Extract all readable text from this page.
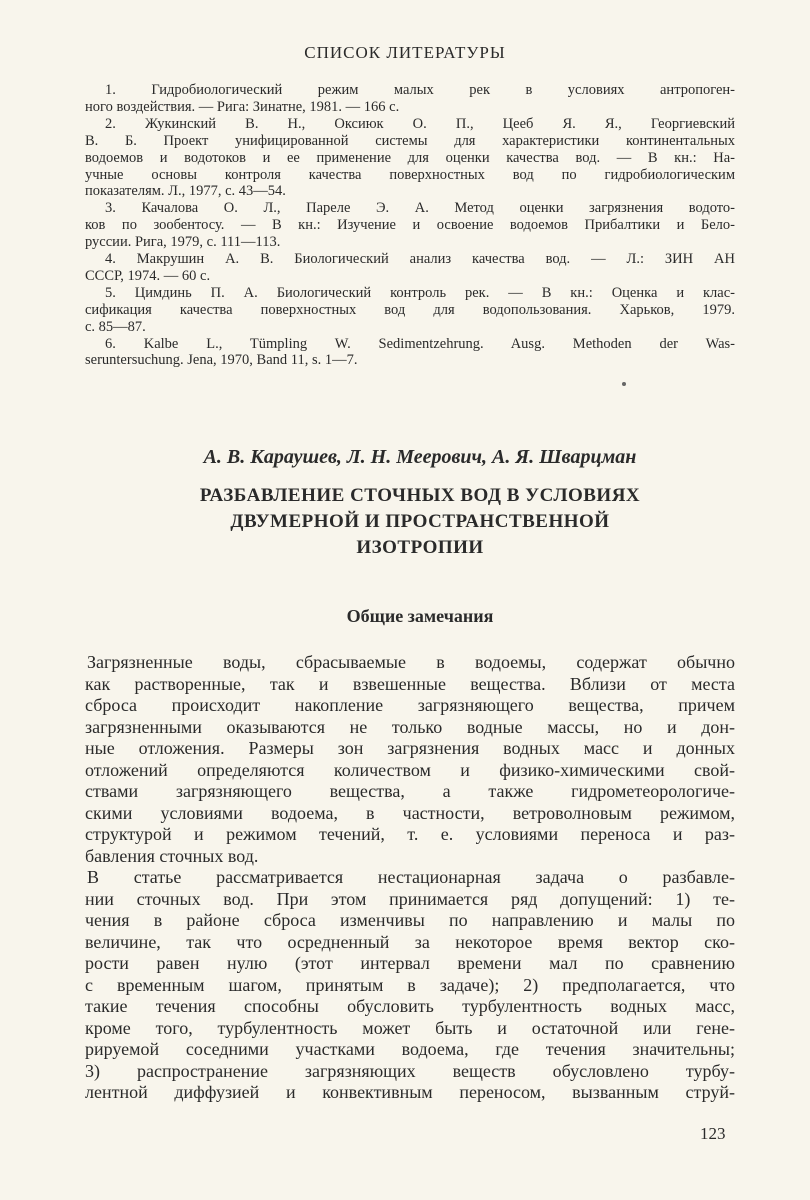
СПИСОК ЛИТЕРАТУРЫ
1. Гидробиологический режим малых рек в условиях антропоген-
ного воздействия. — Рига: Зинатне, 1981. — 166 с.
2. Жукинский В. Н., Оксиюк О. П., Цееб Я. Я., Георгиевский
В. Б. Проект унифицированной системы для характеристики континентальных
водоемов и водотоков и ее применение для оценки качества вод. — В кн.: На-
учные основы контроля качества поверхностных вод по гидробиологическим
показателям. Л., 1977, с. 43—54.
3. Качалова О. Л., Пареле Э. А. Метод оценки загрязнения водото-
ков по зообентосу. — В кн.: Изучение и освоение водоемов Прибалтики и Бело-
руссии. Рига, 1979, с. 111—113.
4. Макрушин А. В. Биологический анализ качества вод. — Л.: ЗИН АН
СССР, 1974. — 60 с.
5. Цимдинь П. А. Биологический контроль рек. — В кн.: Оценка и клас-
сификация качества поверхностных вод для водопользования. Харьков, 1979.
с. 85—87.
6. Kalbe L., Tümpling W. Sedimentzehrung. Ausg. Methoden der Was-
seruntersuchung. Jena, 1970, Band 11, s. 1—7.
А. В. Караушев, Л. Н. Меерович, А. Я. Шварцман
РАЗБАВЛЕНИЕ СТОЧНЫХ ВОД В УСЛОВИЯХ
ДВУМЕРНОЙ И ПРОСТРАНСТВЕННОЙ
ИЗОТРОПИИ
Общие замечания
Загрязненные воды, сбрасываемые в водоемы, содержат обычно
как растворенные, так и взвешенные вещества. Вблизи от места
сброса происходит накопление загрязняющего вещества, причем
загрязненными оказываются не только водные массы, но и дон-
ные отложения. Размеры зон загрязнения водных масс и донных
отложений определяются количеством и физико-химическими свой-
ствами загрязняющего вещества, а также гидрометеорологиче-
скими условиями водоема, в частности, ветроволновым режимом,
структурой и режимом течений, т. е. условиями переноса и раз-
бавления сточных вод.
В статье рассматривается нестационарная задача о разбавле-
нии сточных вод. При этом принимается ряд допущений: 1) те-
чения в районе сброса изменчивы по направлению и малы по
величине, так что осредненный за некоторое время вектор ско-
рости равен нулю (этот интервал времени мал по сравнению
с временным шагом, принятым в задаче); 2) предполагается, что
такие течения способны обусловить турбулентность водных масс,
кроме того, турбулентность может быть и остаточной или гене-
рируемой соседними участками водоема, где течения значительны;
3) распространение загрязняющих веществ обусловлено турбу-
лентной диффузией и конвективным переносом, вызванным струй-
123
